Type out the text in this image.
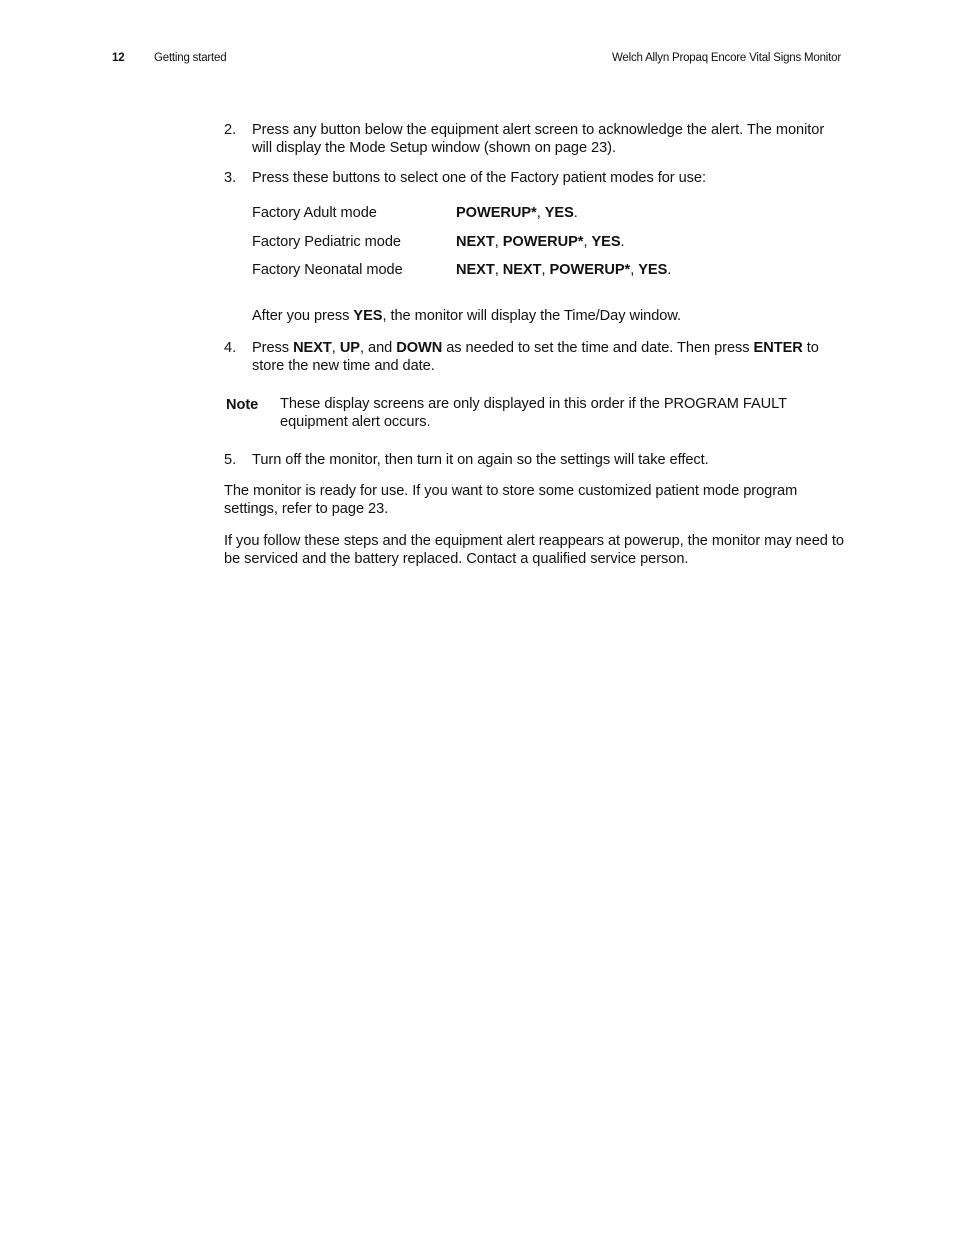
12	Getting started	Welch Allyn Propaq Encore Vital Signs Monitor
2.	Press any button below the equipment alert screen to acknowledge the alert. The monitor will display the Mode Setup window (shown on page 23).
3.	Press these buttons to select one of the Factory patient modes for use:
Factory Adult mode	POWERUP*, YES.
Factory Pediatric mode	NEXT, POWERUP*, YES.
Factory Neonatal mode	NEXT, NEXT, POWERUP*, YES.
After you press YES, the monitor will display the Time/Day window.
4.	Press NEXT, UP, and DOWN as needed to set the time and date. Then press ENTER to store the new time and date.
Note These display screens are only displayed in this order if the PROGRAM FAULT equipment alert occurs.
5.	Turn off the monitor, then turn it on again so the settings will take effect.

The monitor is ready for use. If you want to store some customized patient mode program settings, refer to page 23.

If you follow these steps and the equipment alert reappears at powerup, the monitor may need to be serviced and the battery replaced. Contact a qualified service person.
